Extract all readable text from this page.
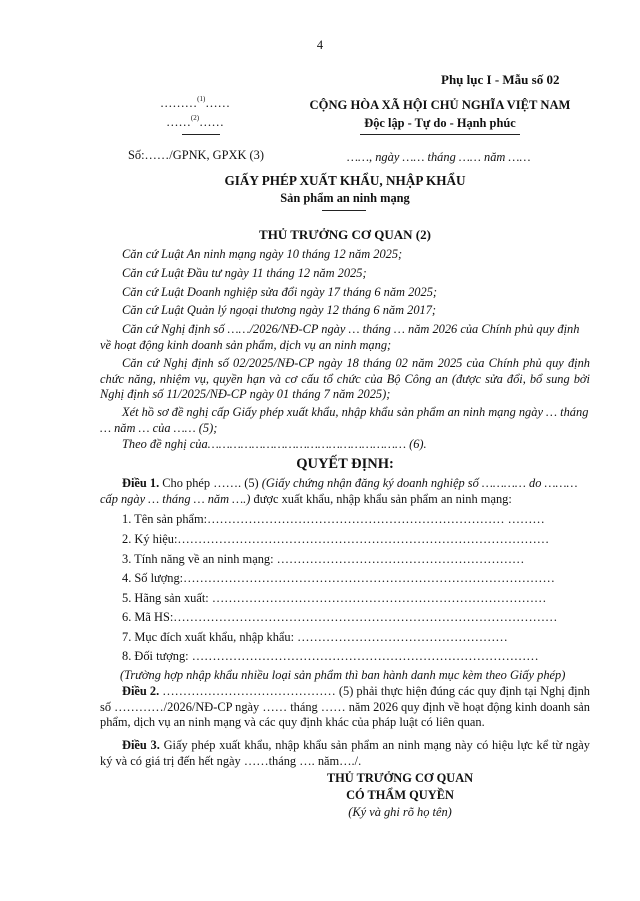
4
Phụ lục I - Mẫu số 02
………$^{(1)}$……
……$^{(2)}$……
CỘNG HÒA XÃ HỘI CHỦ NGHĨA VIỆT NAM
Độc lập - Tự do - Hạnh phúc
Số:……/GPNK, GPXK (3)	……, ngày …… tháng …… năm ……
GIẤY PHÉP XUẤT KHẨU, NHẬP KHẨU
Sản phẩm an ninh mạng
THỦ TRƯỞNG CƠ QUAN (2)
Căn cứ Luật An ninh mạng ngày 10 tháng 12 năm 2025;
Căn cứ Luật Đầu tư ngày 11 tháng 12 năm 2025;
Căn cứ Luật Doanh nghiệp sửa đổi ngày 17 tháng 6 năm 2025;
Căn cứ Luật Quản lý ngoại thương ngày 12 tháng 6 năm 2017;
Căn cứ Nghị định số ……/2026/NĐ-CP ngày … tháng … năm 2026 của Chính phủ quy định về hoạt động kinh doanh sản phẩm, dịch vụ an ninh mạng;
Căn cứ Nghị định số 02/2025/NĐ-CP ngày 18 tháng 02 năm 2025 của Chính phủ quy định chức năng, nhiệm vụ, quyền hạn và cơ cấu tổ chức của Bộ Công an (được sửa đổi, bổ sung bởi Nghị định số 11/2025/NĐ-CP ngày 01 tháng 7 năm 2025);
Xét hồ sơ đề nghị cấp Giấy phép xuất khẩu, nhập khẩu sản phẩm an ninh mạng ngày … tháng … năm … của …… (5);
Theo đề nghị của……………………………………………… (6).
QUYẾT ĐỊNH:
Điều 1. Cho phép ……. (5) (Giấy chứng nhận đăng ký doanh nghiệp số ………… do ……… cấp ngày … tháng … năm ….) được xuất khẩu, nhập khẩu sản phẩm an ninh mạng:
1. Tên sản phẩm:……………………………………………………………… ………
2. Ký hiệu:………………………………………………………………………………
3. Tính năng về an ninh mạng: ……………………………………………………
4. Số lượng:………………………………………………………………………………
5. Hãng sản xuất: ………………………………………………………………………
6. Mã HS:…………………………………………………………………………………
7. Mục đích xuất khẩu, nhập khẩu: ……………………………………………
8. Đối tượng: …………………………………………………………………………
(Trường hợp nhập khẩu nhiều loại sản phẩm thì ban hành danh mục kèm theo Giấy phép)
Điều 2. …………………………………… (5) phải thực hiện đúng các quy định tại Nghị định số …………/2026/NĐ-CP ngày …… tháng …… năm 2026 quy định về hoạt động kinh doanh sản phẩm, dịch vụ an ninh mạng và các quy định khác của pháp luật có liên quan.
Điều 3. Giấy phép xuất khẩu, nhập khẩu sản phẩm an ninh mạng này có hiệu lực kể từ ngày ký và có giá trị đến hết ngày ……tháng …. năm…./.
THỦ TRƯỞNG CƠ QUAN
CÓ THẨM QUYỀN
(Ký và ghi rõ họ tên)
